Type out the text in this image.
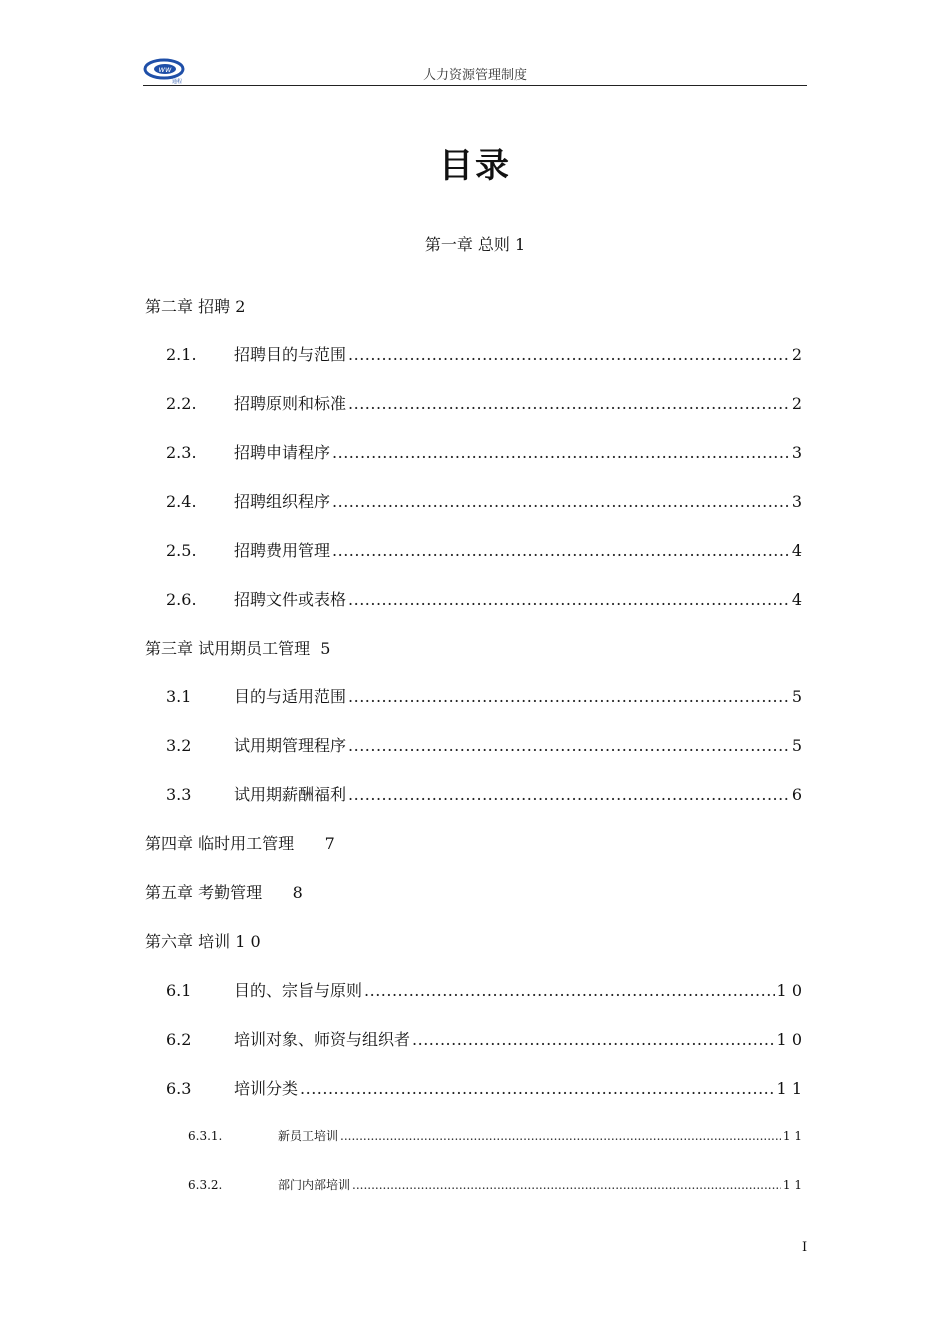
ww
通程	人力资源管理制度
目录
第一章 总则 1
第二章 招聘 2
2.1.	招聘目的与范围 .....	2
2.2.	招聘原则和标准 .....	2
2.3.	招聘申请程序 .....	3
2.4.	招聘组织程序 .....	3
2.5.	招聘费用管理 .....	4
2.6.	招聘文件或表格 .....	4
第三章 试用期员工管理 5
3.1	目的与适用范围 .....	5
3.2	试用期管理程序 .....	5
3.3	试用期薪酬福利 .....	6
第四章 临时用工管理 7
第五章 考勤管理 8
第六章 培训 1 0
6.1	目的、宗旨与原则 .....	1 0
6.2	培训对象、师资与组织者 .....	1 0
6.3	培训分类 .....	1 1
6.3.1.	新员工培训 .....	1 1
6.3.2.	部门内部培训 .....	1 1
I
